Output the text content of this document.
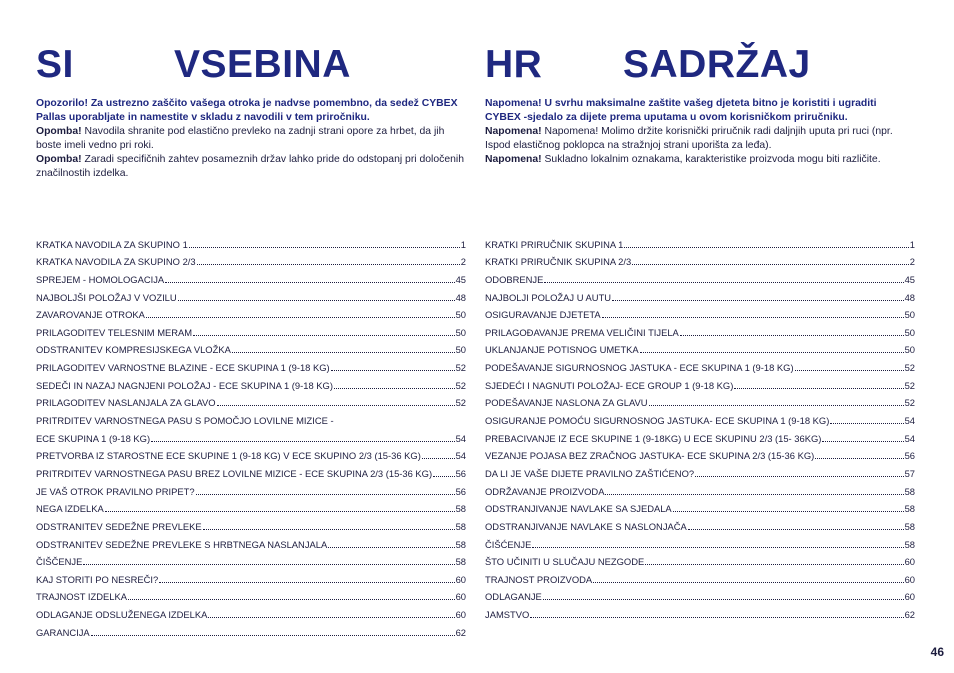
SI	VSEBINA
Opozorilo! Za ustrezno zaščito vašega otroka je nadvse pomembno, da sedež CYBEX Pallas uporabljate in namestite v skladu z navodili v tem priročniku.
Opomba! Navodila shranite pod elastično prevleko na zadnji strani opore za hrbet, da jih boste imeli vedno pri roki.
Opomba! Zaradi specifičnih zahtev posameznih držav lahko pride do odstopanj pri določenih značilnostih izdelka.
KRATKA NAVODILA ZA SKUPINO 1	1
KRATKA NAVODILA ZA SKUPINO 2/3	2
SPREJEM - HOMOLOGACIJA	45
NAJBOLJŠI POLOŽAJ V VOZILU	48
ZAVAROVANJE OTROKA	50
PRILAGODITEV TELESNIM MERAM	50
ODSTRANITEV KOMPRESIJSKEGA VLOŽKA	50
PRILAGODITEV VARNOSTNE BLAZINE - ECE SKUPINA 1 (9-18 KG)	52
SEDEČI IN NAZAJ NAGNJENI POLOŽAJ - ECE SKUPINA 1 (9-18 KG)	52
PRILAGODITEV NASLANJALA ZA GLAVO	52
PRITRDITEV VARNOSTNEGA PASU S POMOČJO LOVILNE MIZICE -
ECE SKUPINA 1 (9-18 KG)	54
PRETVORBA IZ STAROSTNE ECE SKUPINE 1 (9-18 KG) V ECE SKUPINO 2/3 (15-36 KG)	54
PRITRDITEV VARNOSTNEGA PASU BREZ LOVILNE MIZICE - ECE SKUPINA 2/3 (15-36 KG) 56
JE VAŠ OTROK PRAVILNO PRIPET?	56
NEGA IZDELKA	58
ODSTRANITEV SEDEŽNE PREVLEKE	58
ODSTRANITEV SEDEŽNE PREVLEKE S HRBTNEGA NASLANJALA	58
ČIŠČENJE	58
KAJ STORITI PO NESREČI?	60
TRAJNOST IZDELKA	60
ODLAGANJE ODSLUŽENEGA IZDELKA	60
GARANCIJA	62
HR SADRŽAJ
Napomena! U svrhu maksimalne zaštite vašeg djeteta bitno je koristiti i ugraditi CYBEX -sjedalo za dijete prema uputama u ovom korisničkom priručniku.
Napomena! Napomena! Molimo držite korisnički priručnik radi daljnjih uputa pri ruci (npr. Ispod elastičnog poklopca na stražnjoj strani uporišta za leđa).
Napomena! Sukladno lokalnim oznakama, karakteristike proizvoda mogu biti različite.
KRATKI PRIRUČNIK SKUPINA 1	1
KRATKI PRIRUČNIK SKUPINA 2/3	2
ODOBRENJE	45
NAJBOLJI POLOŽAJ U AUTU	48
OSIGURAVANJE DJETETA	50
PRILAGOĐAVANJE PREMA VELIČINI TIJELA	50
UKLANJANJE POTISNOG UMETKA	50
PODEŠAVANJE SIGURNOSNOG JASTUKA - ECE SKUPINA 1 (9-18 KG)	52
SJEDEĆI I NAGNUTI POLOŽAJ- ECE GROUP 1 (9-18 KG)	52
PODEŠAVANJE NASLONA ZA GLAVU	52
OSIGURANJE POMOĆU SIGURNOSNOG JASTUKA- ECE SKUPINA 1 (9-18 KG)	54
PREBACIVANJE IZ ECE SKUPINE 1 (9-18KG) U ECE SKUPINU 2/3 (15- 36KG)	54
VEZANJE POJASA BEZ ZRAČNOG JASTUKA- ECE SKUPINA 2/3 (15-36 KG)	56
DA LI JE VAŠE DIJETE PRAVILNO ZAŠTIĆENO?	57
ODRŽAVANJE PROIZVODA	58
ODSTRANJIVANJE NAVLAKE SA SJEDALA	58
ODSTRANJIVANJE NAVLAKE S NASLONJAČA	58
ČIŠĆENJE	58
ŠTO UČINITI U SLUČAJU NEZGODE	60
TRAJNOST PROIZVODA	60
ODLAGANJE	60
JAMSTVO	62
46
